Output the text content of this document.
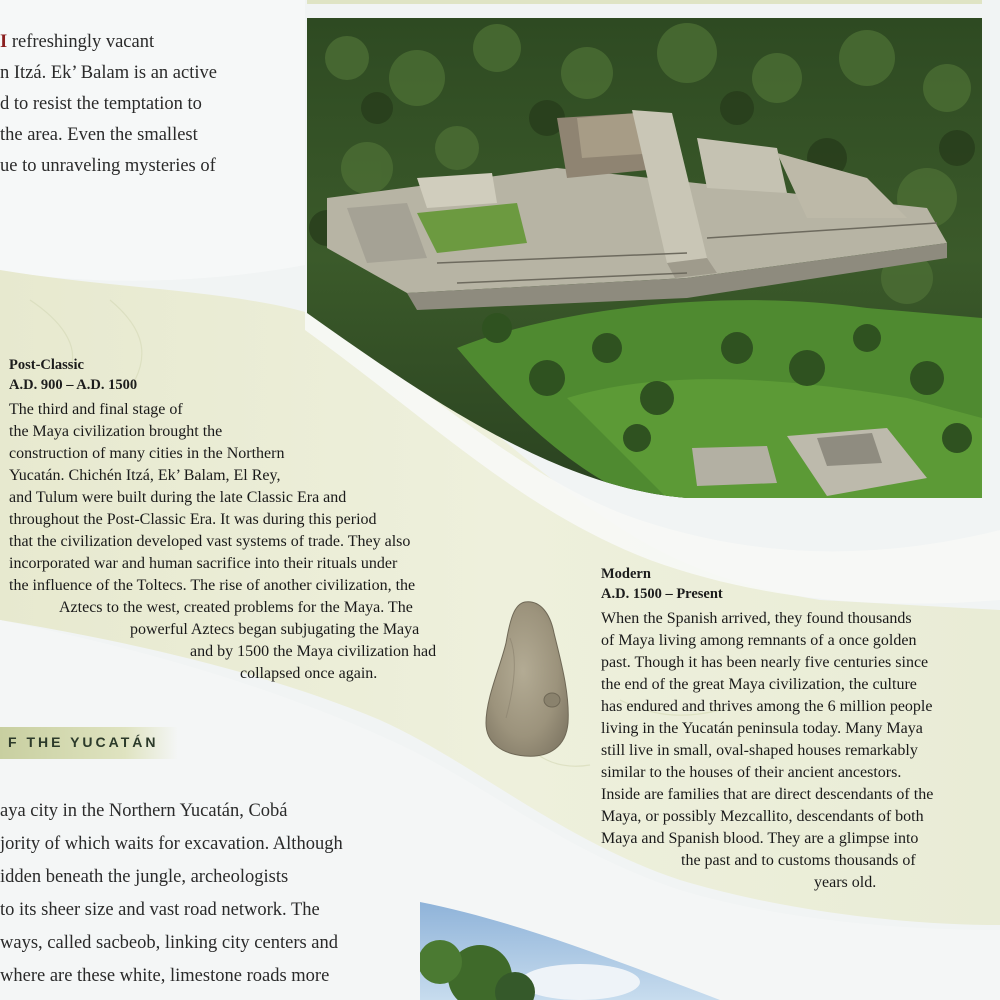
I refreshingly vacant
n Itzá. Ek’ Balam is an active
d to resist the temptation to
the area. Even the smallest
ue to unraveling mysteries of
Post-Classic
A.D. 900 – A.D. 1500
The third and final stage of
the Maya civilization brought the
construction of many cities in the Northern
Yucatán. Chichén Itzá, Ek’ Balam, El Rey,
and Tulum were built during the late Classic Era and
throughout the Post-Classic Era. It was during this period
that the civilization developed vast systems of trade. They also
incorporated war and human sacrifice into their rituals under
the influence of the Toltecs. The rise of another civilization, the
Aztecs to the west, created problems for the Maya. The
powerful Aztecs began subjugating the Maya
and by 1500 the Maya civilization had
collapsed once again.
Modern
A.D. 1500 – Present
When the Spanish arrived, they found thousands
of Maya living among remnants of a once golden
past. Though it has been nearly five centuries since
the end of the great Maya civilization, the culture
has endured and thrives among the 6 million people
living in the Yucatán peninsula today. Many Maya
still live in small, oval-shaped houses remarkably
similar to the houses of their ancient ancestors.
Inside are families that are direct descendants of the
Maya, or possibly Mezcallito, descendants of both
Maya and Spanish blood. They are a glimpse into
the past and to customs thousands of
years old.
F THE YUCATÁN
aya city in the Northern Yucatán, Cobá
jority of which waits for excavation. Although
idden beneath the jungle, archeologists
to its sheer size and vast road network. The
ways, called sacbeob, linking city centers and
where are these white, limestone roads more
